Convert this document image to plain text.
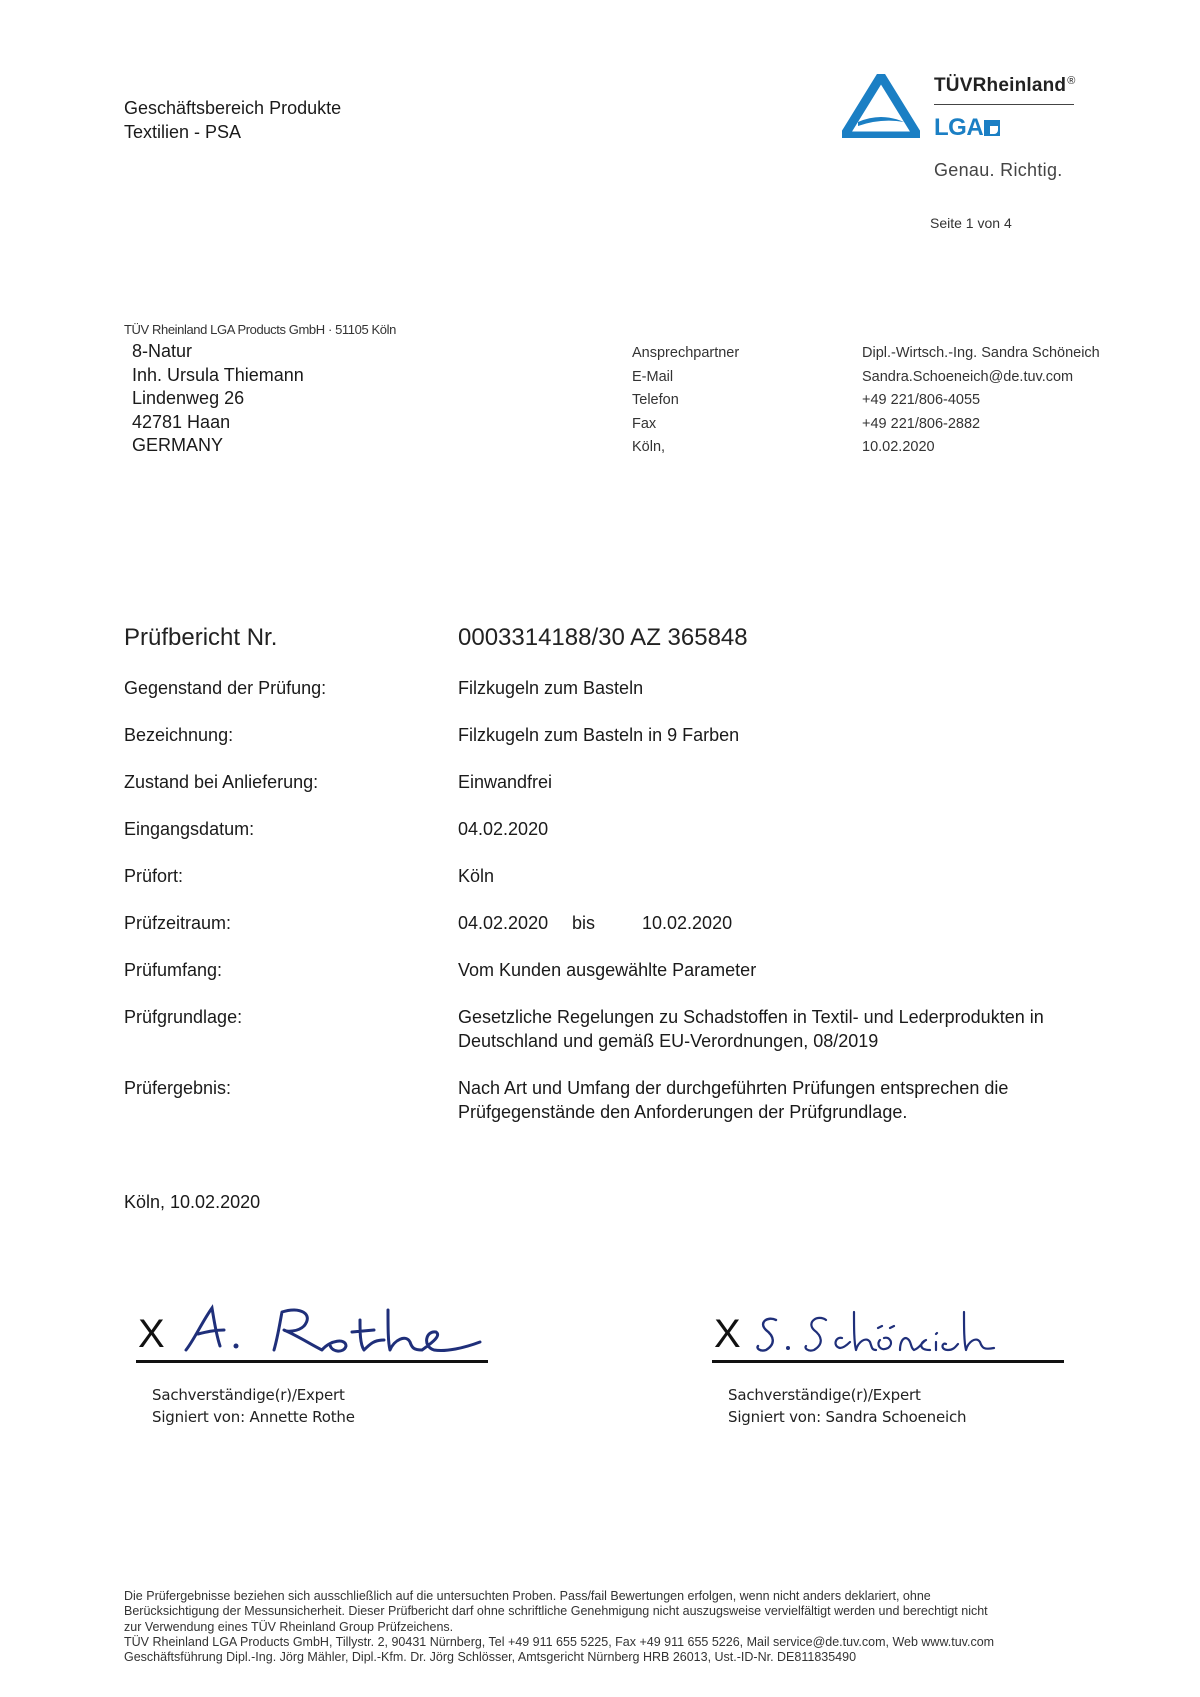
Geschäftsbereich Produkte
Textilien - PSA
TÜVRheinland®
LGA
Genau. Richtig.
Seite 1 von 4
TÜV Rheinland LGA Products GmbH · 51105 Köln
8-Natur
Inh. Ursula Thiemann
Lindenweg 26
42781 Haan
GERMANY
Ansprechpartner	Dipl.-Wirtsch.-Ing. Sandra Schöneich
E-Mail	Sandra.Schoeneich@de.tuv.com
Telefon	+49 221/806-4055
Fax	+49 221/806-2882
Köln,	10.02.2020
Prüfbericht Nr.	0003314188/30 AZ 365848
Gegenstand der Prüfung:	Filzkugeln zum Basteln
Bezeichnung:	Filzkugeln zum Basteln in 9 Farben
Zustand bei Anlieferung:	Einwandfrei
Eingangsdatum:	04.02.2020
Prüfort:	Köln
Prüfzeitraum:	04.02.2020	bis	10.02.2020
Prüfumfang:	Vom Kunden ausgewählte Parameter
Prüfgrundlage:	Gesetzliche Regelungen zu Schadstoffen in Textil- und Lederprodukten in Deutschland und gemäß EU-Verordnungen, 08/2019
Prüfergebnis:	Nach Art und Umfang der durchgeführten Prüfungen entsprechen die Prüfgegenstände den Anforderungen der Prüfgrundlage.
Köln, 10.02.2020
X
Sachverständige(r)/Expert
Signiert von: Annette Rothe
X
Sachverständige(r)/Expert
Signiert von: Sandra Schoeneich

Die Prüfergebnisse beziehen sich ausschließlich auf die untersuchten Proben. Pass/fail Bewertungen erfolgen, wenn nicht anders deklariert, ohne

Berücksichtigung der Messunsicherheit. Dieser Prüfbericht darf ohne schriftliche Genehmigung nicht auszugsweise vervielfältigt werden und berechtigt nicht

zur Verwendung eines TÜV Rheinland Group Prüfzeichens.

TÜV Rheinland LGA Products GmbH, Tillystr. 2, 90431 Nürnberg, Tel +49 911 655 5225, Fax +49 911 655 5226, Mail service@de.tuv.com, Web www.tuv.com

Geschäftsführung Dipl.-Ing. Jörg Mähler, Dipl.-Kfm. Dr. Jörg Schlösser, Amtsgericht Nürnberg HRB 26013, Ust.-ID-Nr. DE811835490
